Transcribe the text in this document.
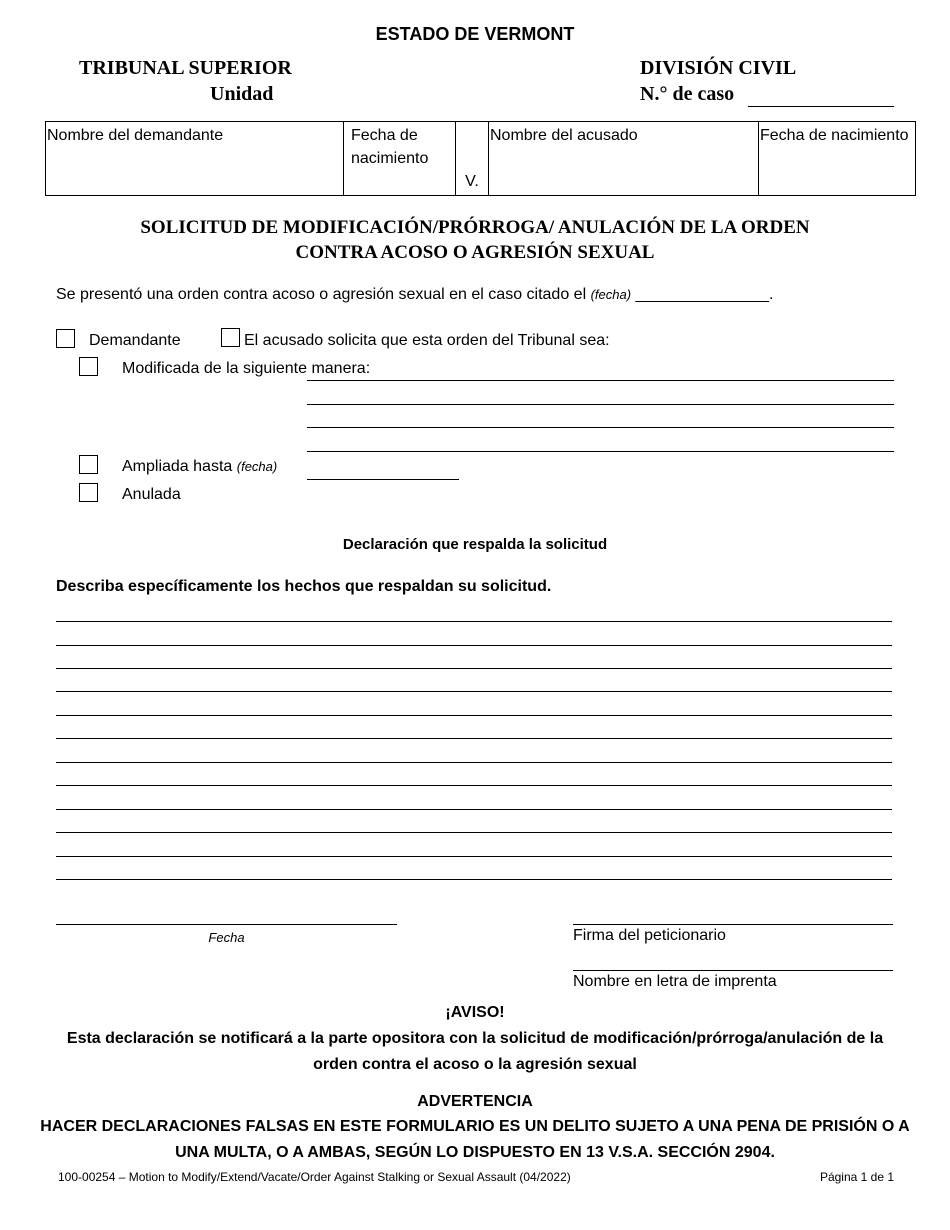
ESTADO DE VERMONT
TRIBUNAL SUPERIOR
Unidad
DIVISIÓN CIVIL
N.° de caso
Nombre del demandante	Fecha de nacimiento	V.	Nombre del acusado	Fecha de nacimiento
SOLICITUD DE MODIFICACIÓN/PRÓRROGA/ ANULACIÓN DE LA ORDEN
CONTRA ACOSO O AGRESIÓN SEXUAL
Se presentó una orden contra acoso o agresión sexual en el caso citado el (fecha) _______________.
Demandante	El acusado solicita que esta orden del Tribunal sea:
Modificada de la siguiente manera:
Ampliada hasta (fecha)
Anulada
Declaración que respalda la solicitud
Describa específicamente los hechos que respaldan su solicitud.
Fecha	Firma del peticionario
Nombre en letra de imprenta
¡AVISO!
Esta declaración se notificará a la parte opositora con la solicitud de modificación/prórroga/anulación de la
orden contra el acoso o la agresión sexual
ADVERTENCIA
HACER DECLARACIONES FALSAS EN ESTE FORMULARIO ES UN DELITO SUJETO A UNA PENA DE PRISIÓN O A
UNA MULTA, O A AMBAS, SEGÚN LO DISPUESTO EN 13 V.S.A. SECCIÓN 2904.
100-00254 – Motion to Modify/Extend/Vacate/Order Against Stalking or Sexual Assault (04/2022)	Página 1 de 1
